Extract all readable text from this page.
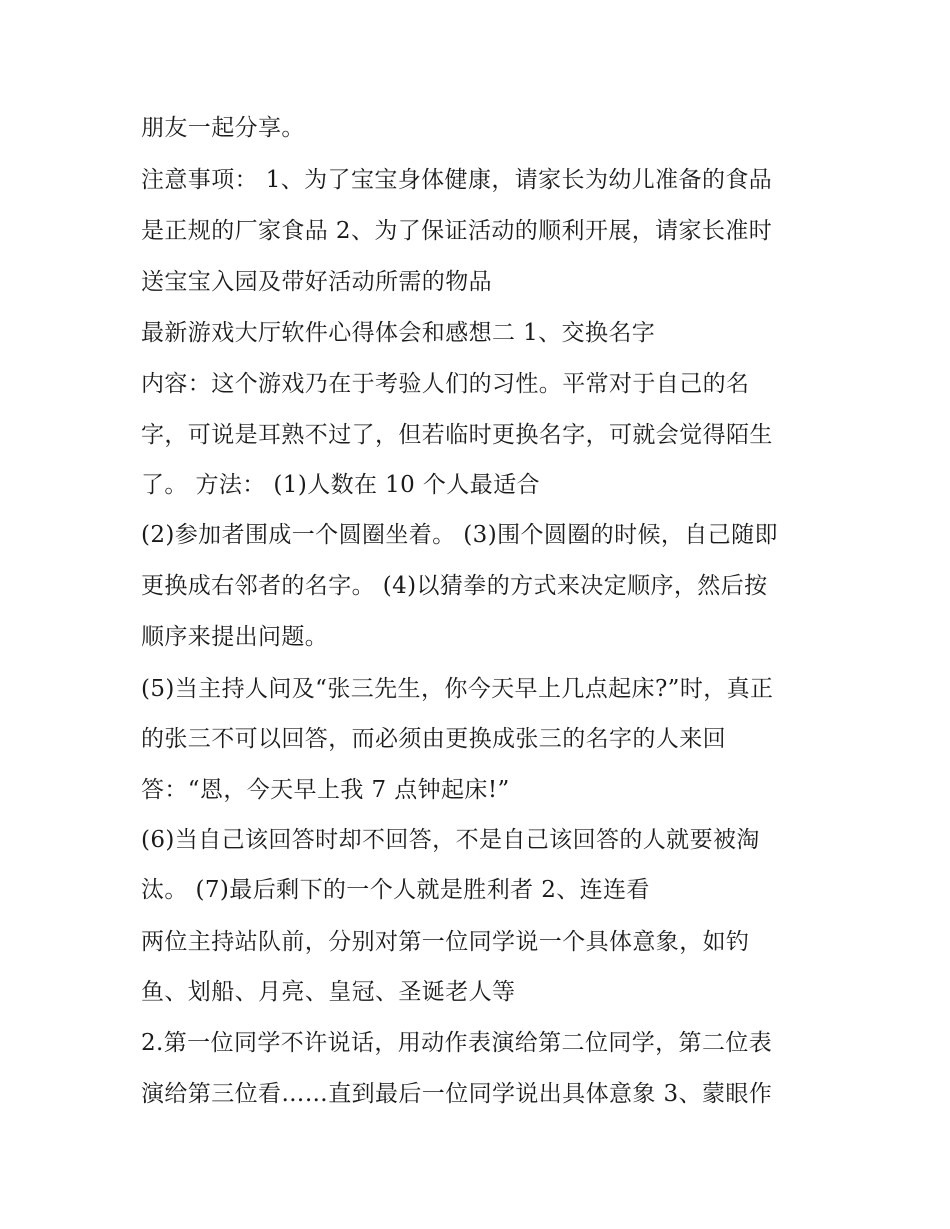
朋友一起分享。
注意事项： 1、为了宝宝身体健康，请家长为幼儿准备的食品
是正规的厂家食品 2、为了保证活动的顺利开展，请家长准时
送宝宝入园及带好活动所需的物品
最新游戏大厅软件心得体会和感想二 1、交换名字
内容：这个游戏乃在于考验人们的习性。平常对于自己的名
字，可说是耳熟不过了，但若临时更换名字，可就会觉得陌生
了。 方法： (1)人数在 10 个人最适合
(2)参加者围成一个圆圈坐着。 (3)围个圆圈的时候，自己随即
更换成右邻者的名字。 (4)以猜拳的方式来决定顺序，然后按
顺序来提出问题。
(5)当主持人问及“张三先生，你今天早上几点起床?”时，真正
的张三不可以回答，而必须由更换成张三的名字的人来回
答：“恩，今天早上我 7 点钟起床!”
(6)当自己该回答时却不回答，不是自己该回答的人就要被淘
汰。 (7)最后剩下的一个人就是胜利者 2、连连看
两位主持站队前，分别对第一位同学说一个具体意象，如钓
鱼、划船、月亮、皇冠、圣诞老人等
2.第一位同学不许说话，用动作表演给第二位同学，第二位表
演给第三位看……直到最后一位同学说出具体意象 3、蒙眼作
